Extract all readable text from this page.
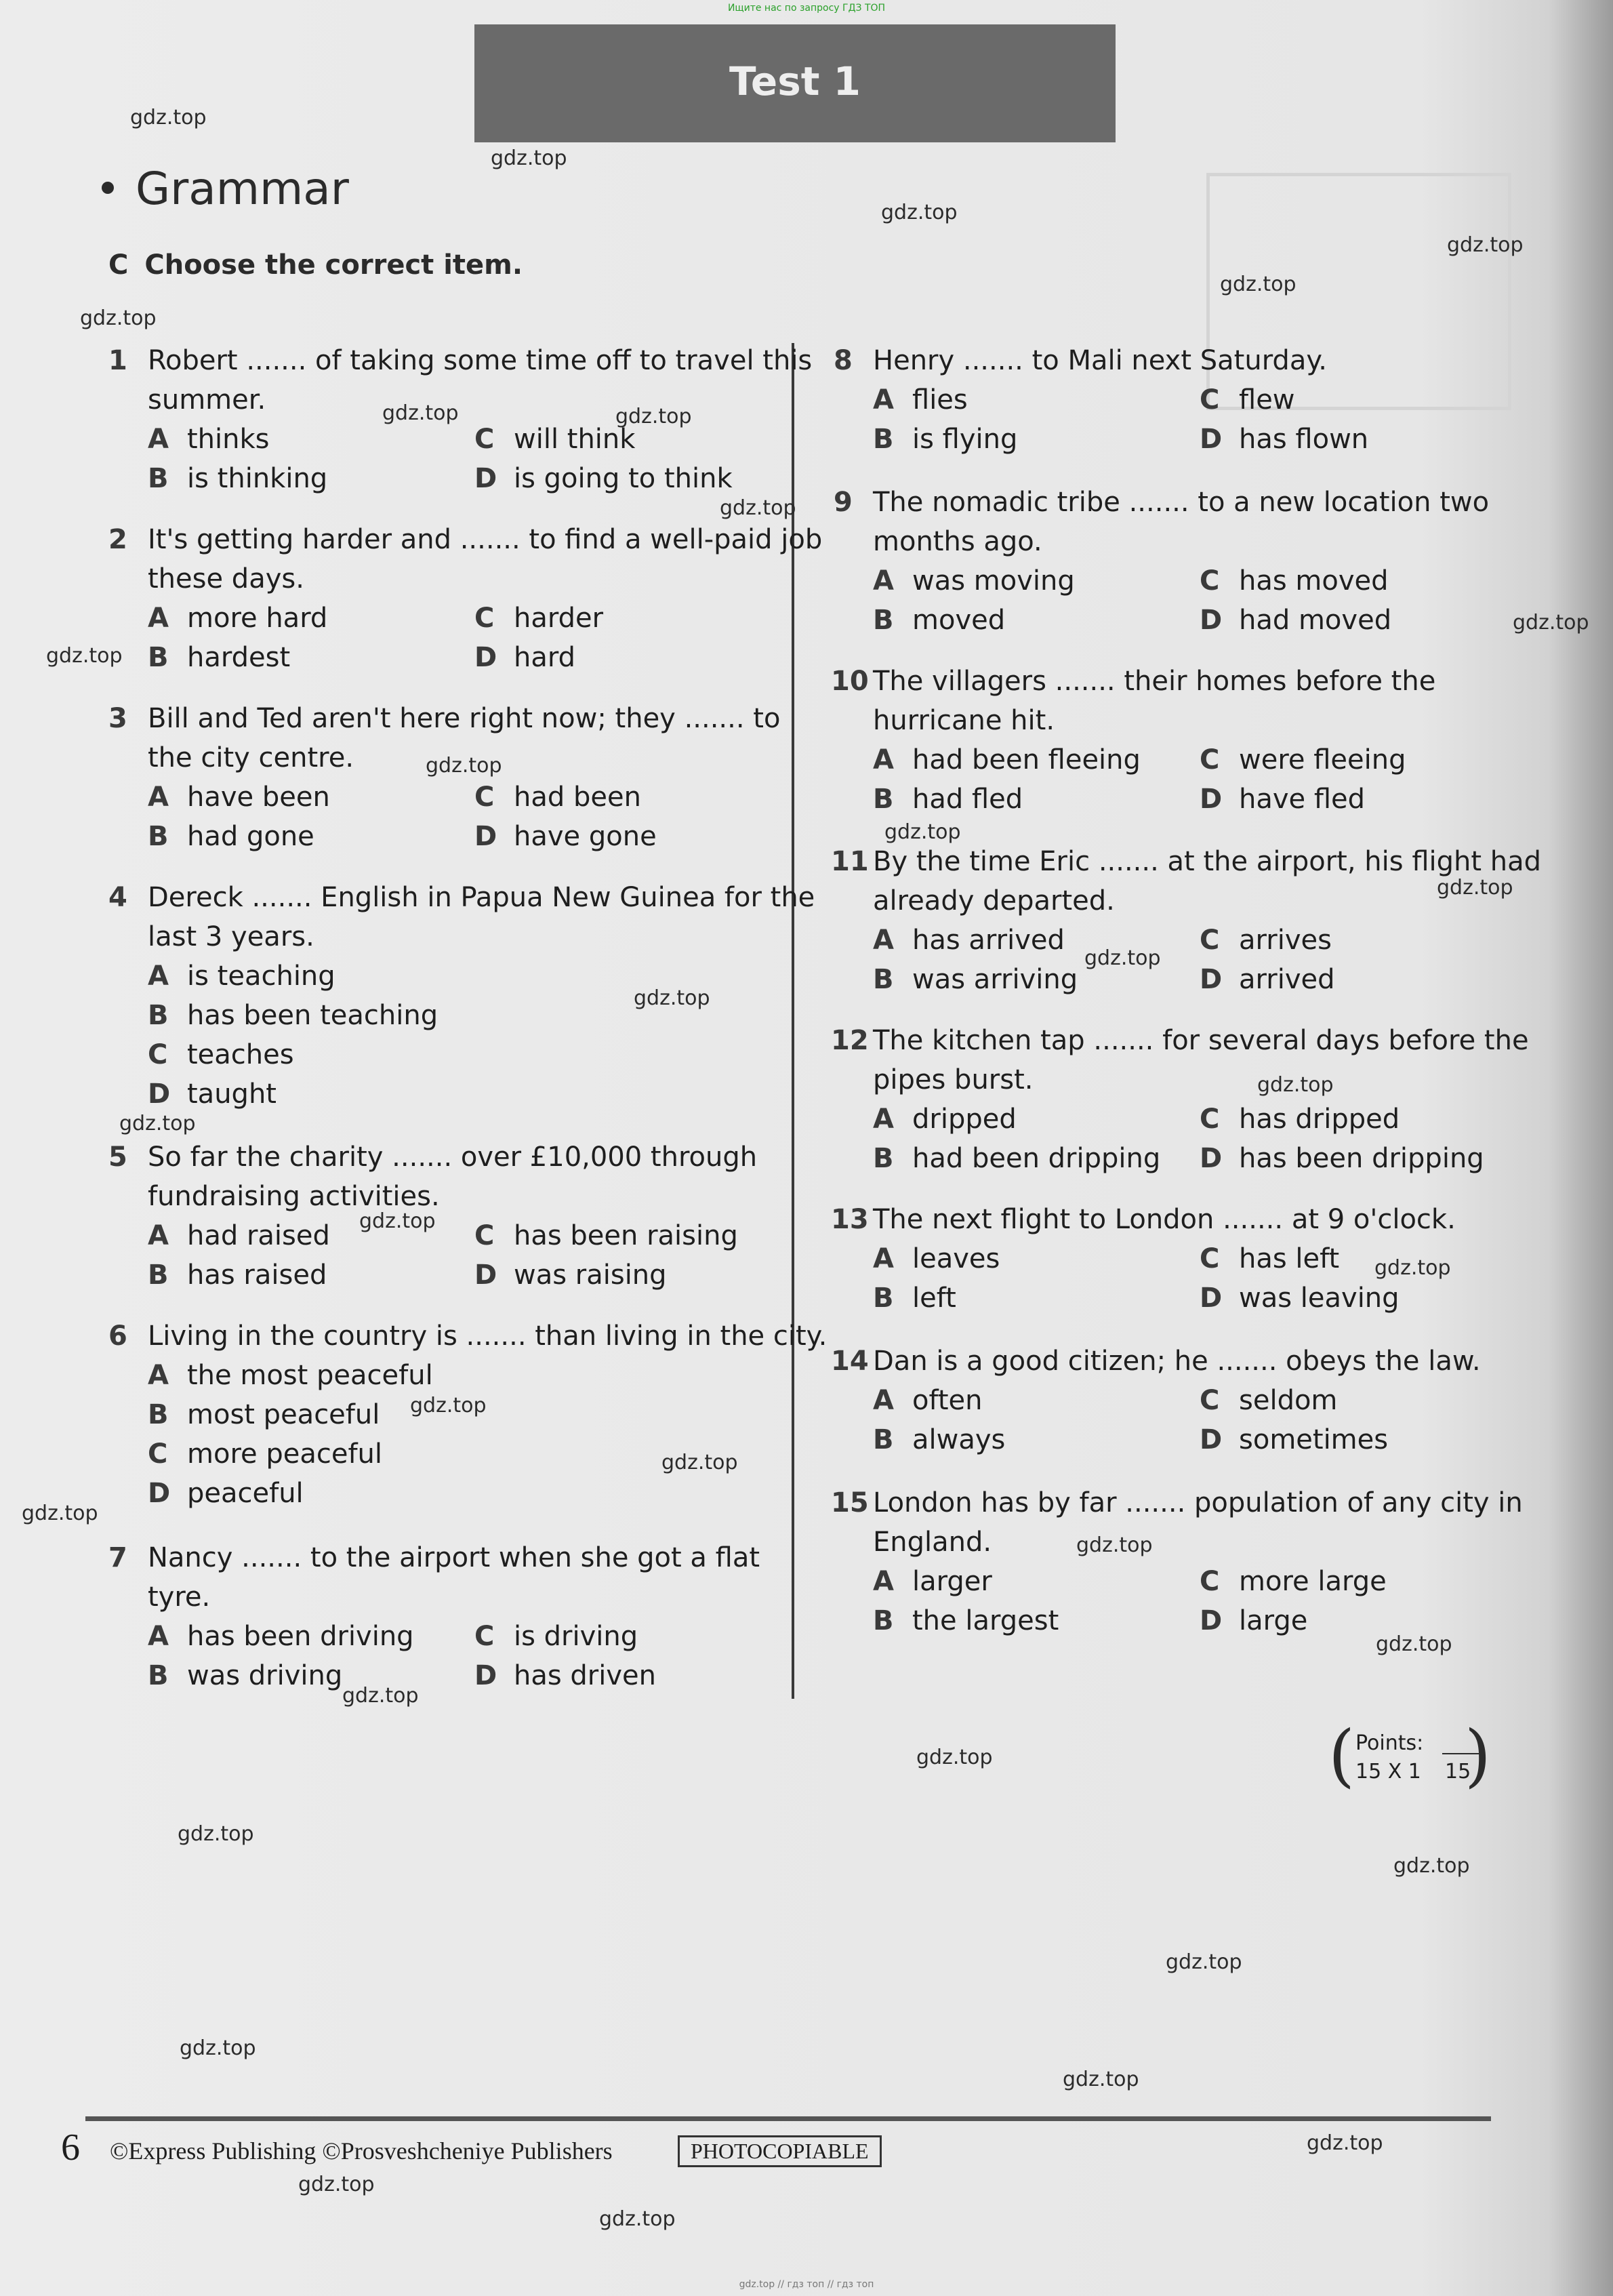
Ищите нас по запросу ГДЗ ТОП
Test 1
Grammar
C Choose the correct item.
1 Robert ....... of taking some time off to travel this
summer.
A thinks	C will think
B is thinking	D is going to think
2 It's getting harder and ....... to find a well-paid job
these days.
A more hard	C harder
B hardest	D hard
3 Bill and Ted aren't here right now; they ....... to
the city centre.
A have been	C had been
B had gone	D have gone
4 Dereck ....... English in Papua New Guinea for the
last 3 years.
A is teaching
B has been teaching
C teaches
D taught
5 So far the charity ....... over £10,000 through
fundraising activities.
A had raised	C has been raising
B has raised	D was raising
6 Living in the country is ....... than living in the city.
A the most peaceful
B most peaceful
C more peaceful
D peaceful
7 Nancy ....... to the airport when she got a flat
tyre.
A has been driving C is driving
B was driving	D has driven
8 Henry ....... to Mali next Saturday.
A flies	C flew
B is flying	D has flown
9 The nomadic tribe ....... to a new location two
months ago.
A was moving	C has moved
B moved	D had moved
10 The villagers ....... their homes before the
hurricane hit.
A had been fleeing C were fleeing
B had fled	D have fled
11 By the time Eric ....... at the airport, his flight had
already departed.
A has arrived	C arrives
B was arriving	D arrived
12 The kitchen tap ....... for several days before the
pipes burst.
A dripped	C has dripped
B had been dripping D has been dripping
13 The next flight to London ....... at 9 o'clock.
A leaves	C has left
B left	D was leaving
14 Dan is a good citizen; he ....... obeys the law.
A often	C seldom
B always	D sometimes
15 London has by far ....... population of any city in
England.
A larger	C more large
B the largest	D large
gdz.top
gdz.top
gdz.top
gdz.top
gdz.top
gdz.top
gdz.top
gdz.top
gdz.top
gdz.top
gdz.top
gdz.top
gdz.top
gdz.top
gdz.top
gdz.top
gdz.top
gdz.top
gdz.top
gdz.top
gdz.top
gdz.top
gdz.top
gdz.top
gdz.top
gdz.top
gdz.top
gdz.top
gdz.top
gdz.top
gdz.top
gdz.top
gdz.top
gdz.top
gdz.top
( Points:
15 X 1 15
)
6 ©Express Publishing ©Prosveshcheniye Publishers	PHOTOCOPIABLE
gdz.top // гдз топ // гдз топ
